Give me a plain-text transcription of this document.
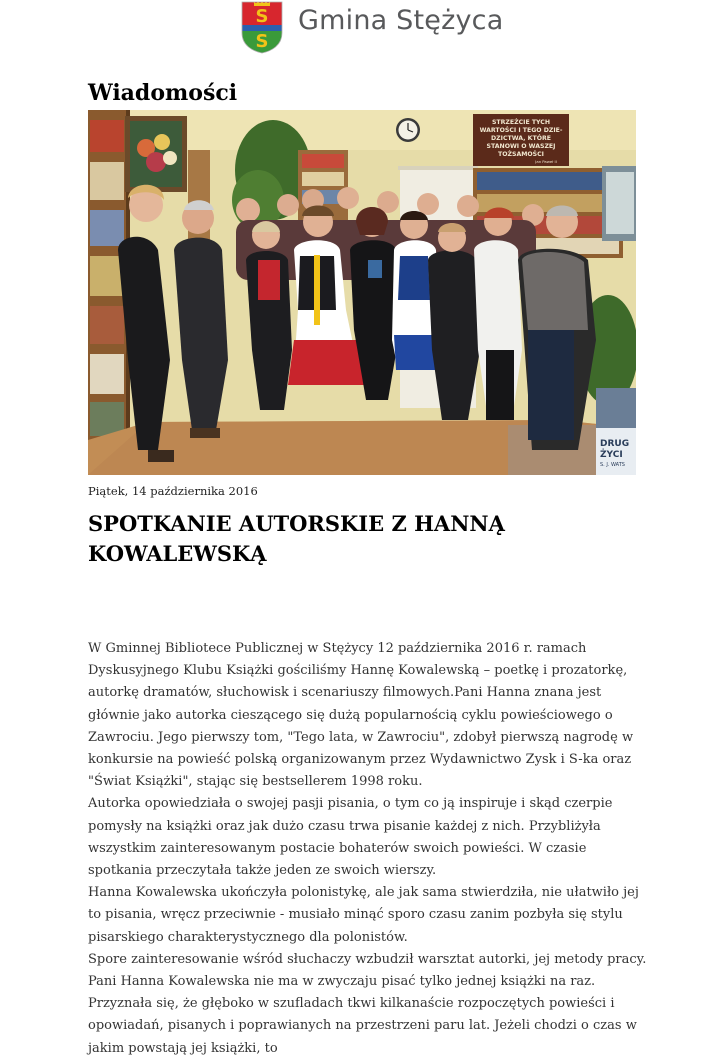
S
S
Gmina Stężyca
Wiadomości
STRZEŻCIE TYCH
WARTOŚCI I TEGO DZIE-
DZICTWA, KTÓRE
STANOWI O WASZEJ
TOŻSAMOŚCI
Jan Paweł II
DRUG
ŻYCI
S. J. WATS
Piątek, 14 października 2016
SPOTKANIE AUTORSKIE Z HANNĄ KOWALEWSKĄ

W Gminnej Bibliotece Publicznej w Stężycy 12 października 2016 r. ramach Dyskusyjnego Klubu Książki gościliśmy Hannę Kowalewską – poetkę i prozatorkę, autorkę dramatów, słuchowisk i scenariuszy filmowych.Pani Hanna znana jest głównie jako autorka cieszącego się dużą popularnością cyklu powieściowego o Zawrociu. Jego pierwszy tom, "Tego lata, w Zawrociu", zdobył pierwszą nagrodę w konkursie na powieść polską organizowanym przez Wydawnictwo Zysk i S-ka oraz "Świat Książki", stając się bestsellerem 1998 roku.

Autorka opowiedziała o swojej pasji pisania, o tym co ją inspiruje i skąd czerpie pomysły na książki oraz jak dużo czasu trwa pisanie każdej z nich. Przybliżyła wszystkim zainteresowanym postacie bohaterów swoich powieści. W czasie spotkania przeczytała także jeden ze swoich wierszy.

Hanna Kowalewska ukończyła polonistykę, ale jak sama stwierdziła, nie ułatwiło jej to pisania, wręcz przeciwnie - musiało minąć sporo czasu zanim pozbyła się stylu pisarskiego charakterystycznego dla polonistów.

Spore zainteresowanie wśród słuchaczy wzbudził warsztat autorki, jej metody pracy. Pani Hanna Kowalewska nie ma w zwyczaju pisać tylko jednej książki na raz. Przyznała się, że głęboko w szufladach tkwi kilkanaście rozpoczętych powieści i opowiadań, pisanych i poprawianych na przestrzeni paru lat. Jeżeli chodzi o czas w jakim powstają jej książki, to
